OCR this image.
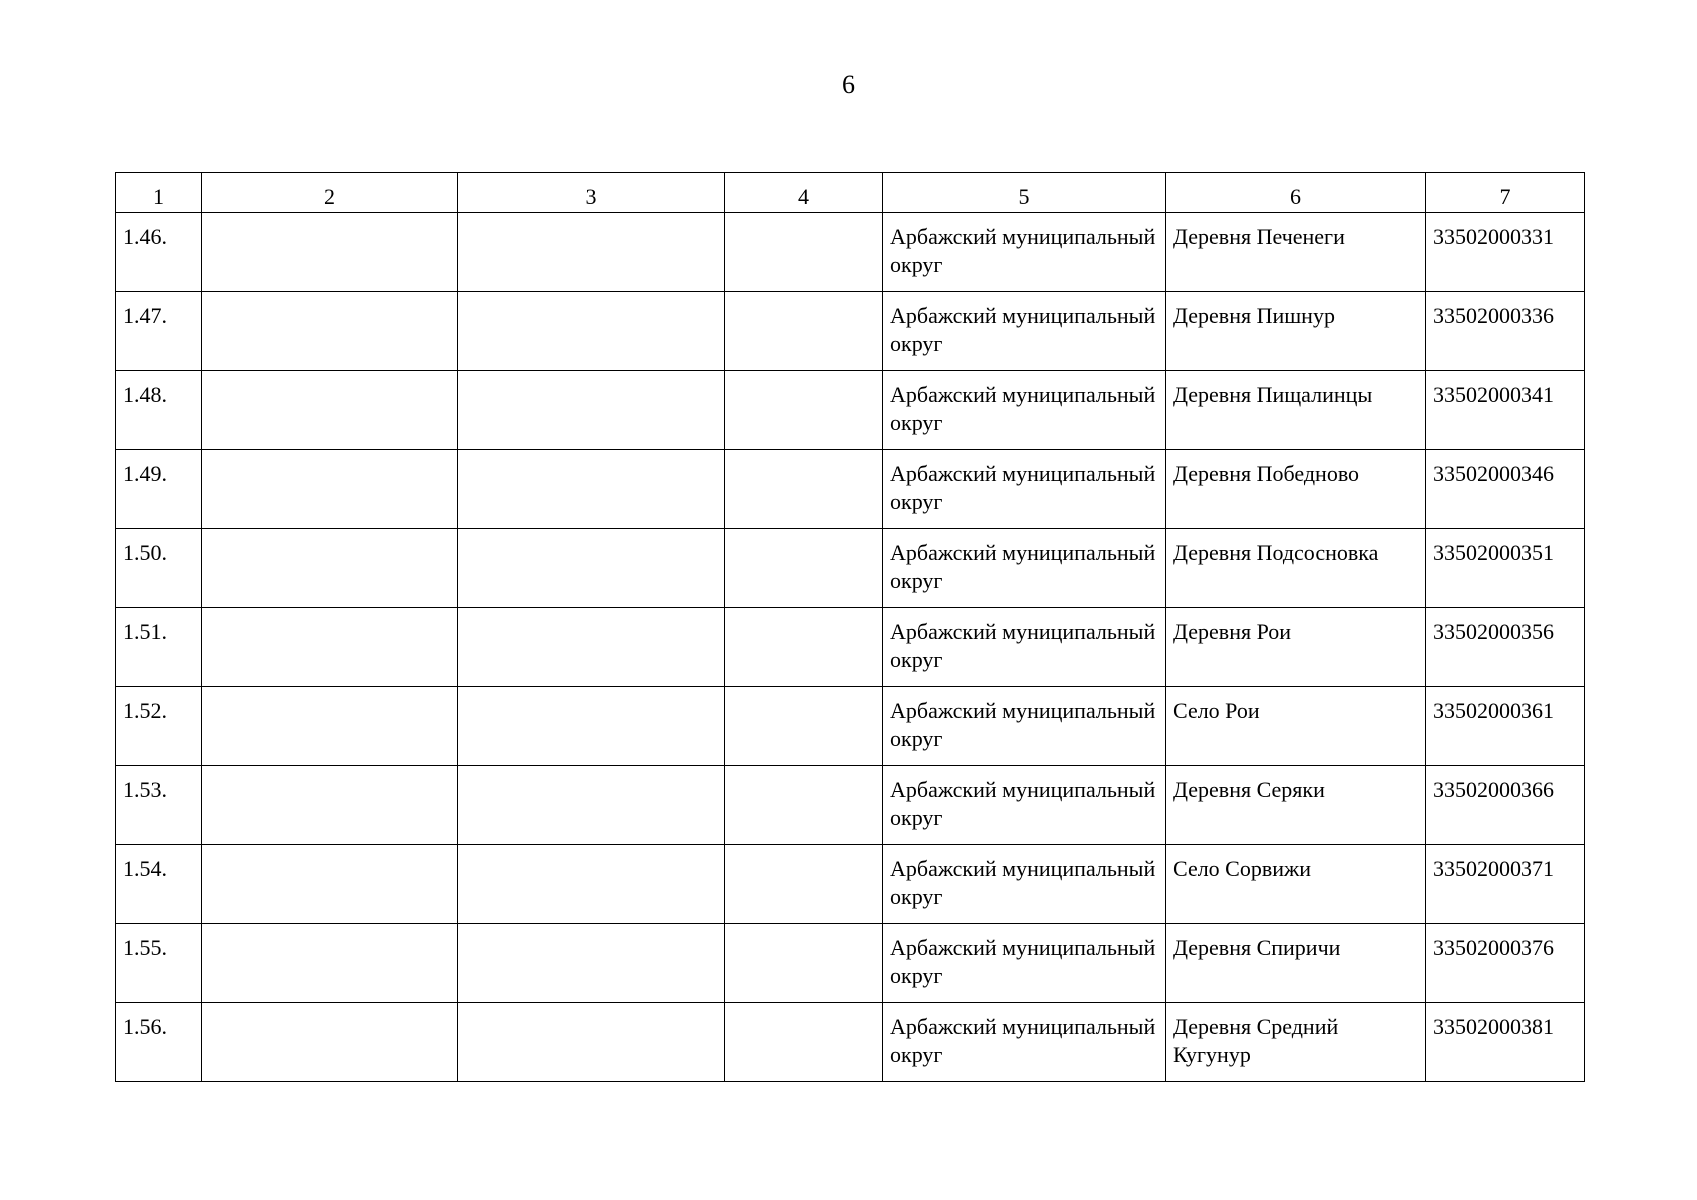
6
1	2	3	4	5	6	7
1.46.				Арбажский муниципальный округ	Деревня Печенеги	33502000331
1.47.				Арбажский муниципальный округ	Деревня Пишнур	33502000336
1.48.				Арбажский муниципальный округ	Деревня Пищалинцы	33502000341
1.49.				Арбажский муниципальный округ	Деревня Победново	33502000346
1.50.				Арбажский муниципальный округ	Деревня Подсосновка	33502000351
1.51.				Арбажский муниципальный округ	Деревня Рои	33502000356
1.52.				Арбажский муниципальный округ	Село Рои	33502000361
1.53.				Арбажский муниципальный округ	Деревня Серяки	33502000366
1.54.				Арбажский муниципальный округ	Село Сорвижи	33502000371
1.55.				Арбажский муниципальный округ	Деревня Спиричи	33502000376
1.56.				Арбажский муниципальный округ	Деревня Средний Кугунур	33502000381
